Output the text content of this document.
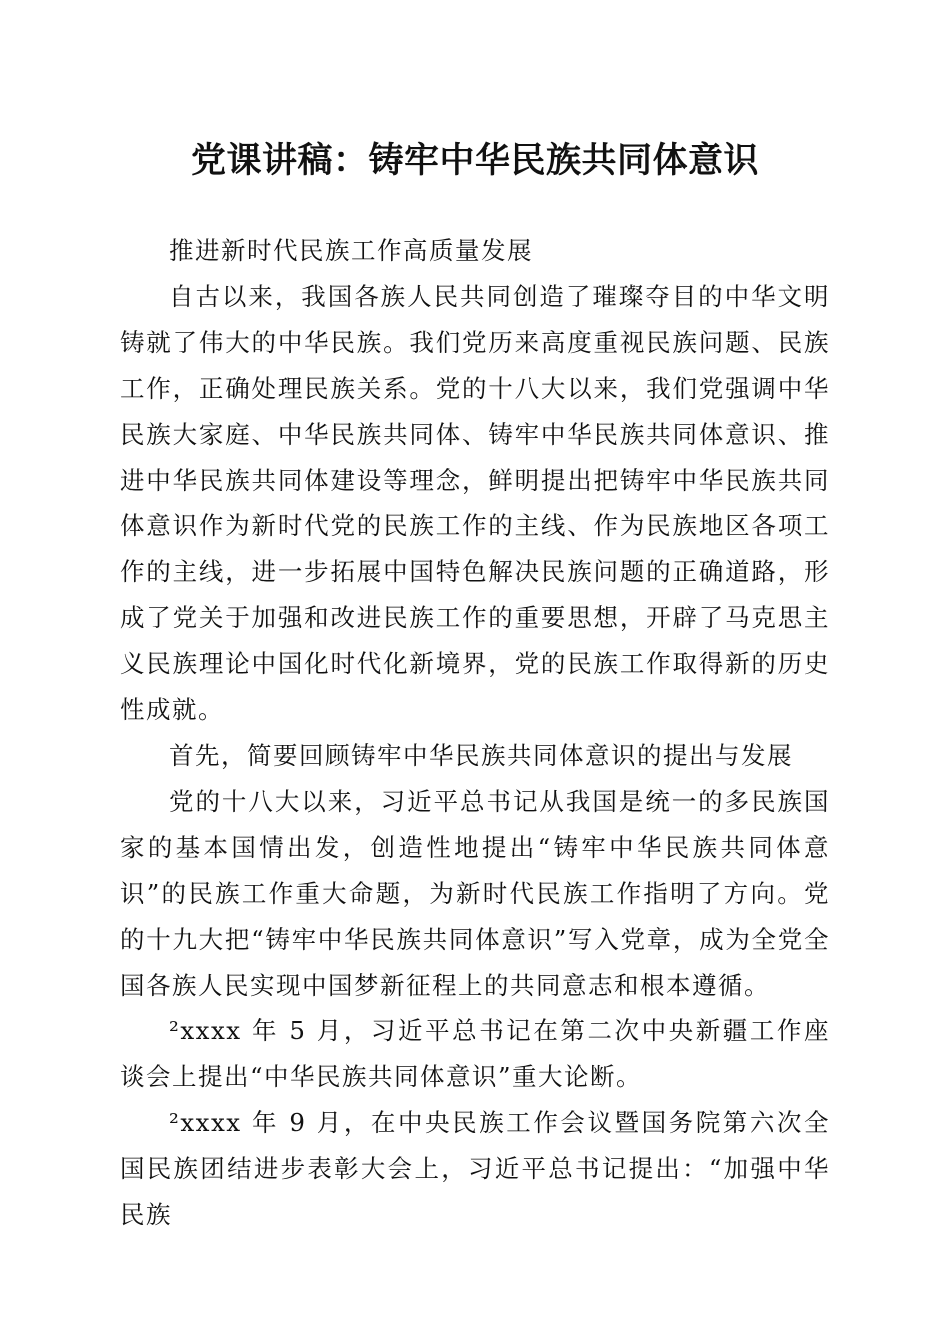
党课讲稿：铸牢中华民族共同体意识

推进新时代民族工作高质量发展

自古以来，我国各族人民共同创造了璀璨夺目的中华文明铸就了伟大的中华民族。我们党历来高度重视民族问题、民族工作，正确处理民族关系。党的十八大以来，我们党强调中华民族大家庭、中华民族共同体、铸牢中华民族共同体意识、推进中华民族共同体建设等理念，鲜明提出把铸牢中华民族共同体意识作为新时代党的民族工作的主线、作为民族地区各项工作的主线，进一步拓展中国特色解决民族问题的正确道路，形成了党关于加强和改进民族工作的重要思想，开辟了马克思主义民族理论中国化时代化新境界，党的民族工作取得新的历史性成就。

首先，简要回顾铸牢中华民族共同体意识的提出与发展

党的十八大以来，习近平总书记从我国是统一的多民族国家的基本国情出发，创造性地提出“铸牢中华民族共同体意识”的民族工作重大命题，为新时代民族工作指明了方向。党的十九大把“铸牢中华民族共同体意识”写入党章，成为全党全国各族人民实现中国梦新征程上的共同意志和根本遵循。

²xxxx 年 5 月，习近平总书记在第二次中央新疆工作座谈会上提出“中华民族共同体意识”重大论断。

²xxxx 年 9 月，在中央民族工作会议暨国务院第六次全国民族团结进步表彰大会上，习近平总书记提出：“加强中华民族
